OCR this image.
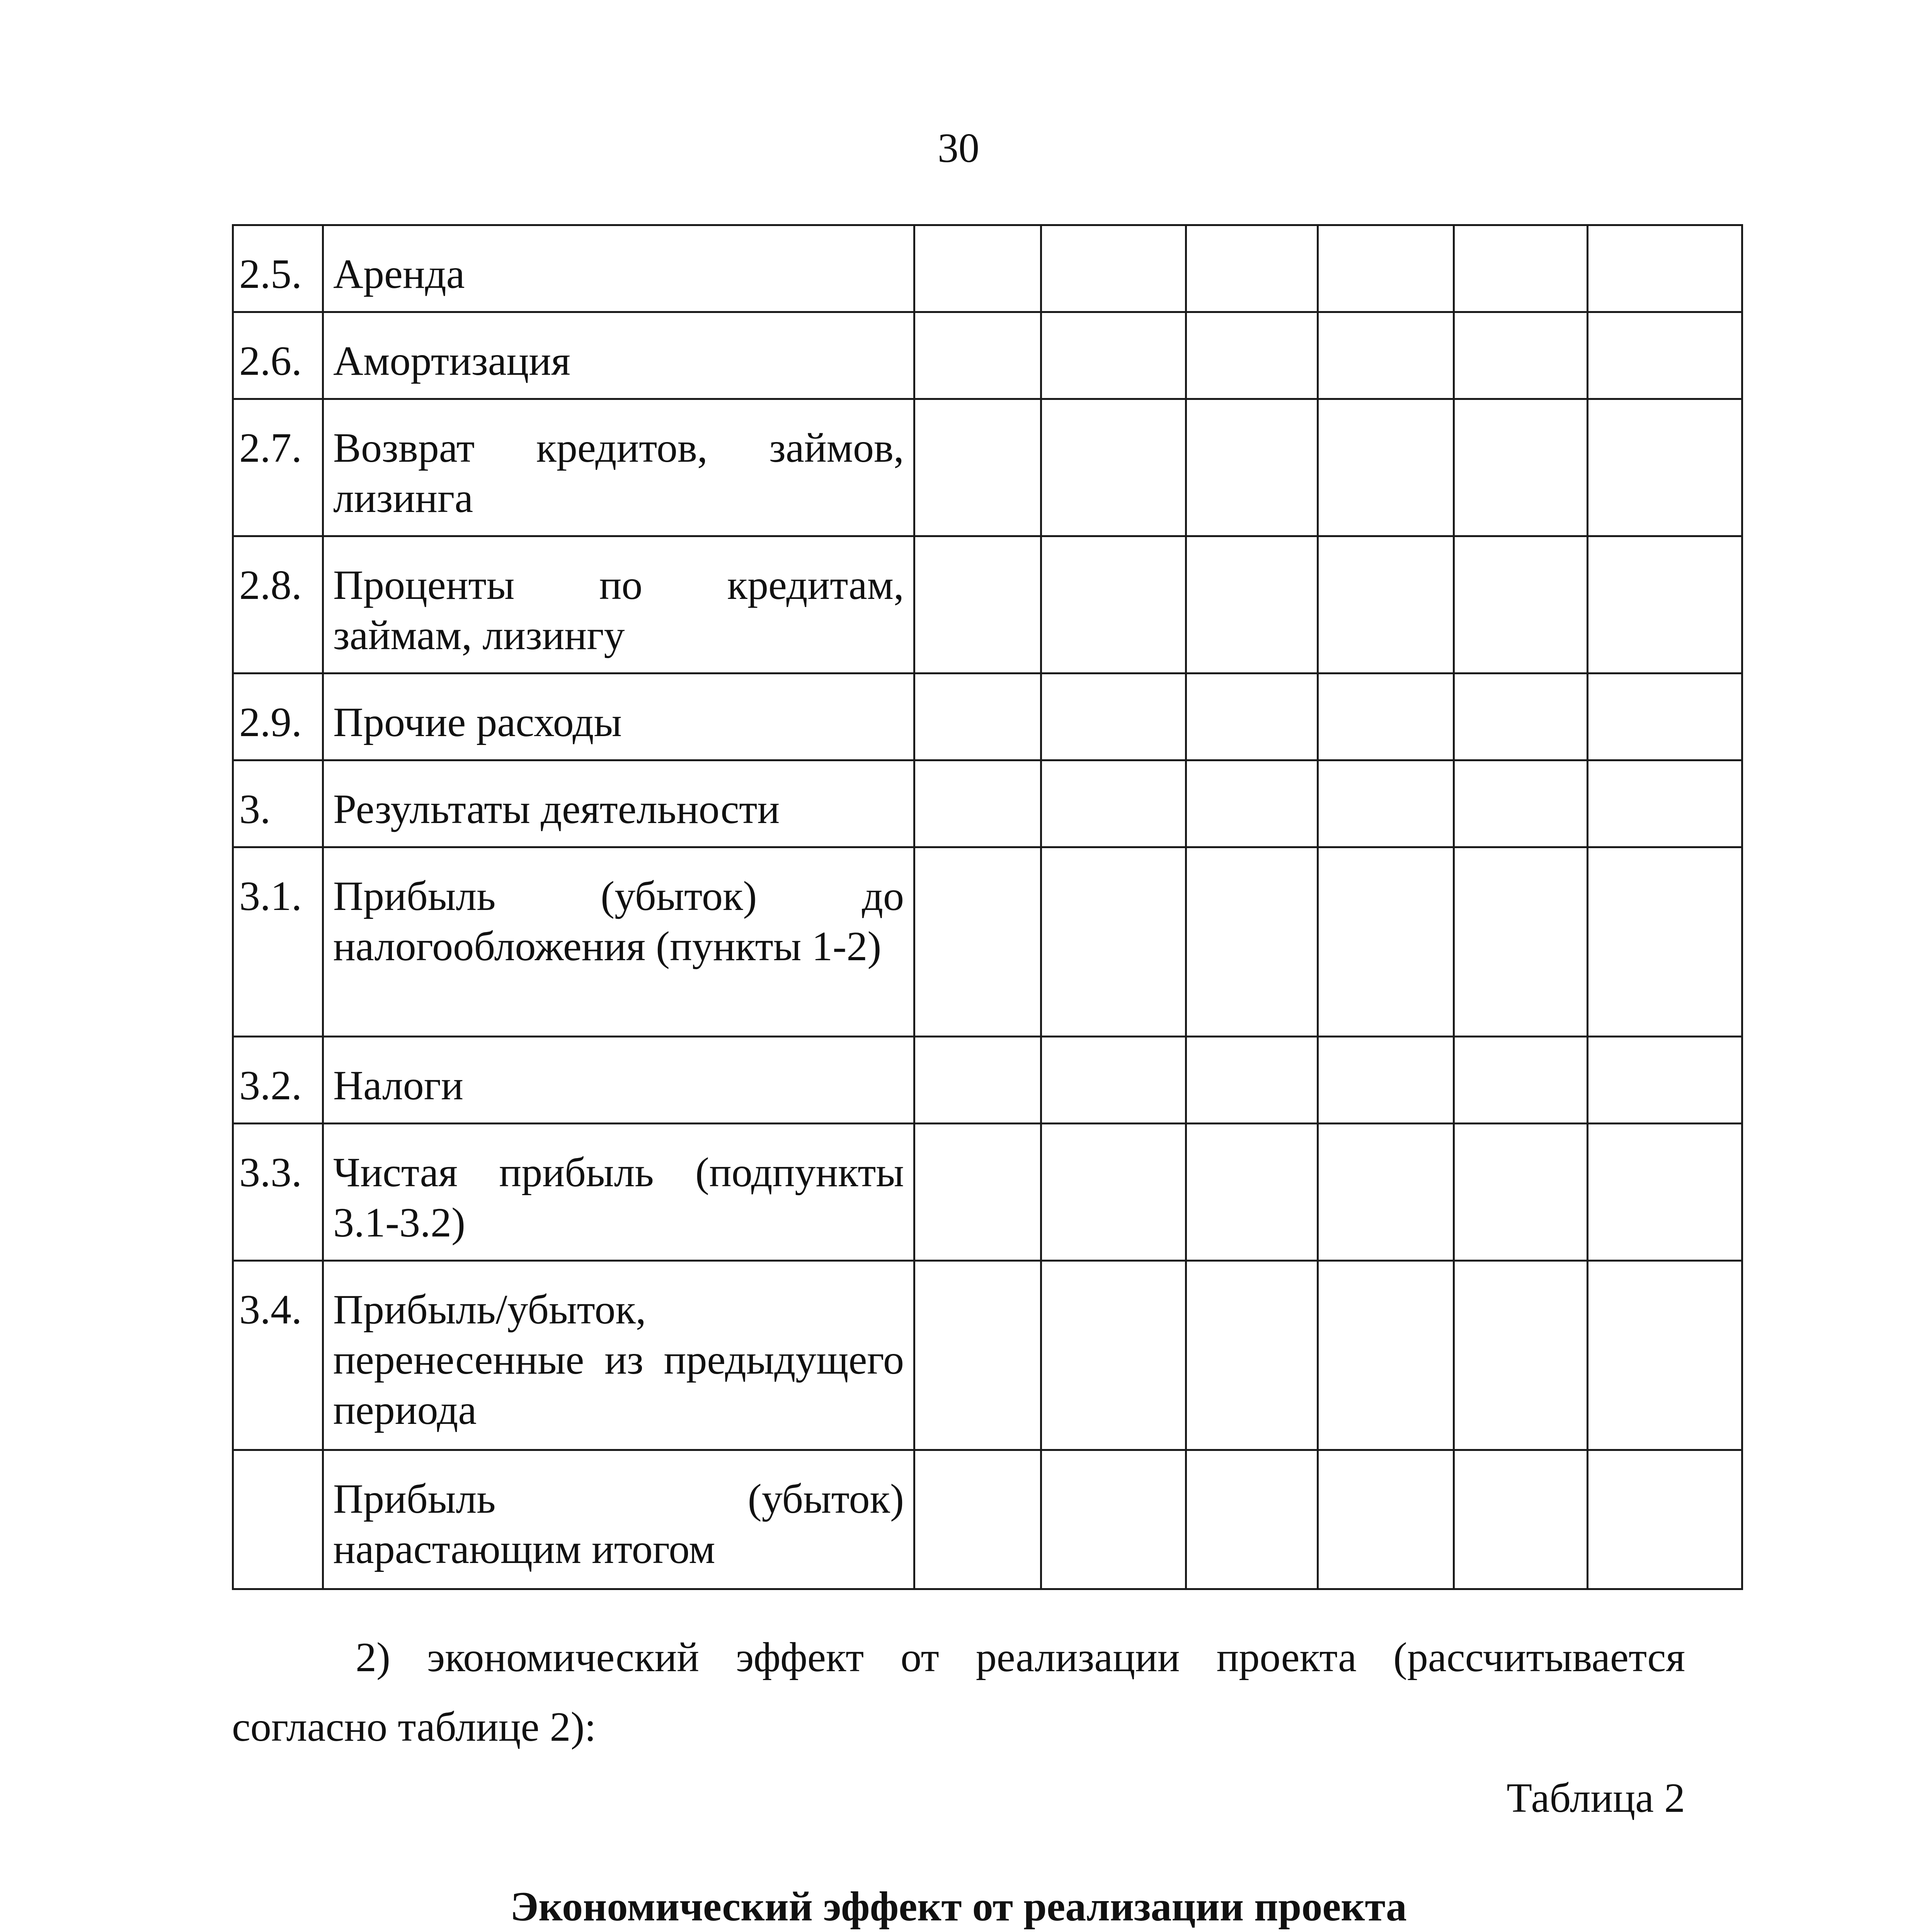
30
2.5.	Аренда						
2.6.	Амортизация						
2.7.	Возврат кредитов, займов, лизинга						
2.8.	Проценты по кредитам, займам, лизингу						
2.9.	Прочие расходы						
3.	Результаты деятельности						
3.1.	Прибыль (убыток) до налогообложения (пункты 1-2)						
3.2.	Налоги						
3.3.	Чистая прибыль (подпункты 3.1-3.2)						
3.4.	Прибыль/убыток, перенесенные из предыдущего периода						
	Прибыль (убыток) нарастающим итогом						
2) экономический эффект от реализации проекта (рассчитывается согласно таблице 2):
Таблица 2
Экономический эффект от реализации проекта
